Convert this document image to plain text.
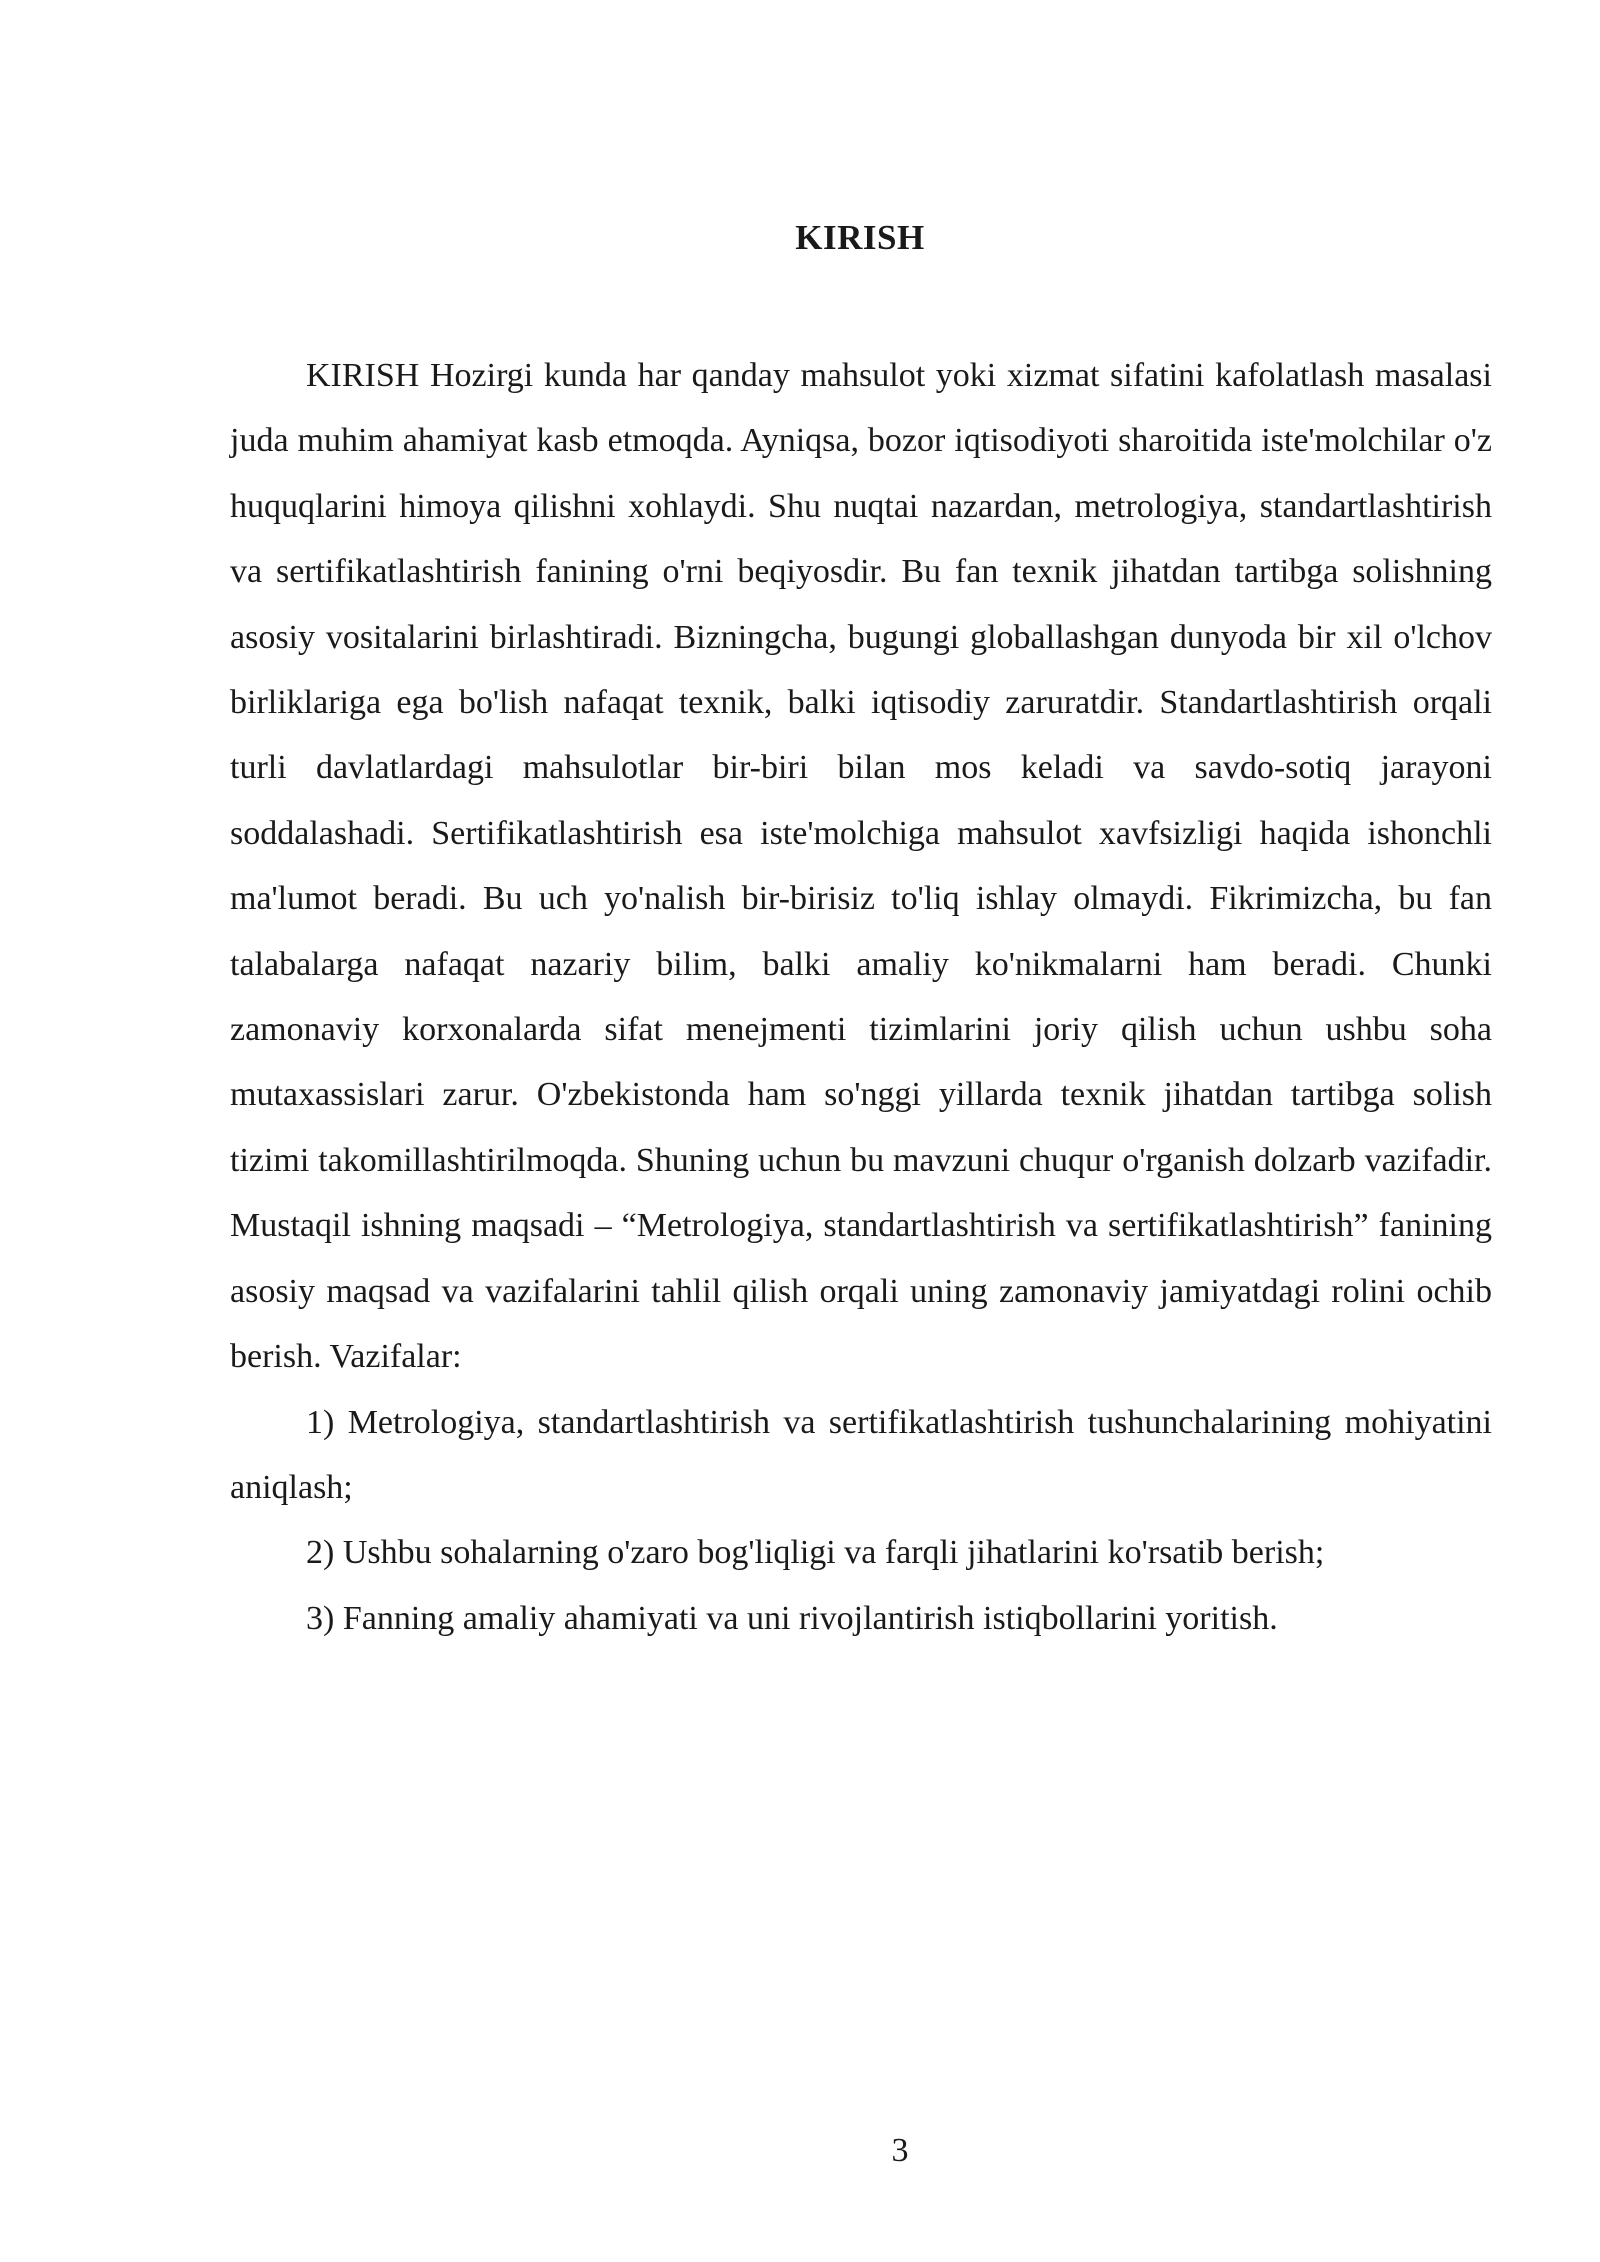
KIRISH

KIRISH Hozirgi kunda har qanday mahsulot yoki xizmat sifatini kafolatlash masalasi juda muhim ahamiyat kasb etmoqda. Ayniqsa, bozor iqtisodiyoti sharoitida iste'molchilar o'z huquqlarini himoya qilishni xohlaydi. Shu nuqtai nazardan, metrologiya, standartlashtirish va sertifikatlashtirish fanining o'rni beqiyosdir. Bu fan texnik jihatdan tartibga solishning asosiy vositalarini birlashtiradi. Bizningcha, bugungi globallashgan dunyoda bir xil o'lchov birliklariga ega bo'lish nafaqat texnik, balki iqtisodiy zaruratdir. Standartlashtirish orqali turli davlatlardagi mahsulotlar bir-biri bilan mos keladi va savdo-sotiq jarayoni soddalashadi. Sertifikatlashtirish esa iste'molchiga mahsulot xavfsizligi haqida ishonchli ma'lumot beradi. Bu uch yo'nalish bir-birisiz to'liq ishlay olmaydi. Fikrimizcha, bu fan talabalarga nafaqat nazariy bilim, balki amaliy ko'nikmalarni ham beradi. Chunki zamonaviy korxonalarda sifat menejmenti tizimlarini joriy qilish uchun ushbu soha mutaxassislari zarur. O'zbekistonda ham so'nggi yillarda texnik jihatdan tartibga solish tizimi takomillashtirilmoqda. Shuning uchun bu mavzuni chuqur o'rganish dolzarb vazifadir. Mustaqil ishning maqsadi – “Metrologiya, standartlashtirish va sertifikatlashtirish” fanining asosiy maqsad va vazifalarini tahlil qilish orqali uning zamonaviy jamiyatdagi rolini ochib berish. Vazifalar:

1) Metrologiya, standartlashtirish va sertifikatlashtirish tushunchalarining mohiyatini aniqlash;

2) Ushbu sohalarning o'zaro bog'liqligi va farqli jihatlarini ko'rsatib berish;

3) Fanning amaliy ahamiyati va uni rivojlantirish istiqbollarini yoritish.

3
